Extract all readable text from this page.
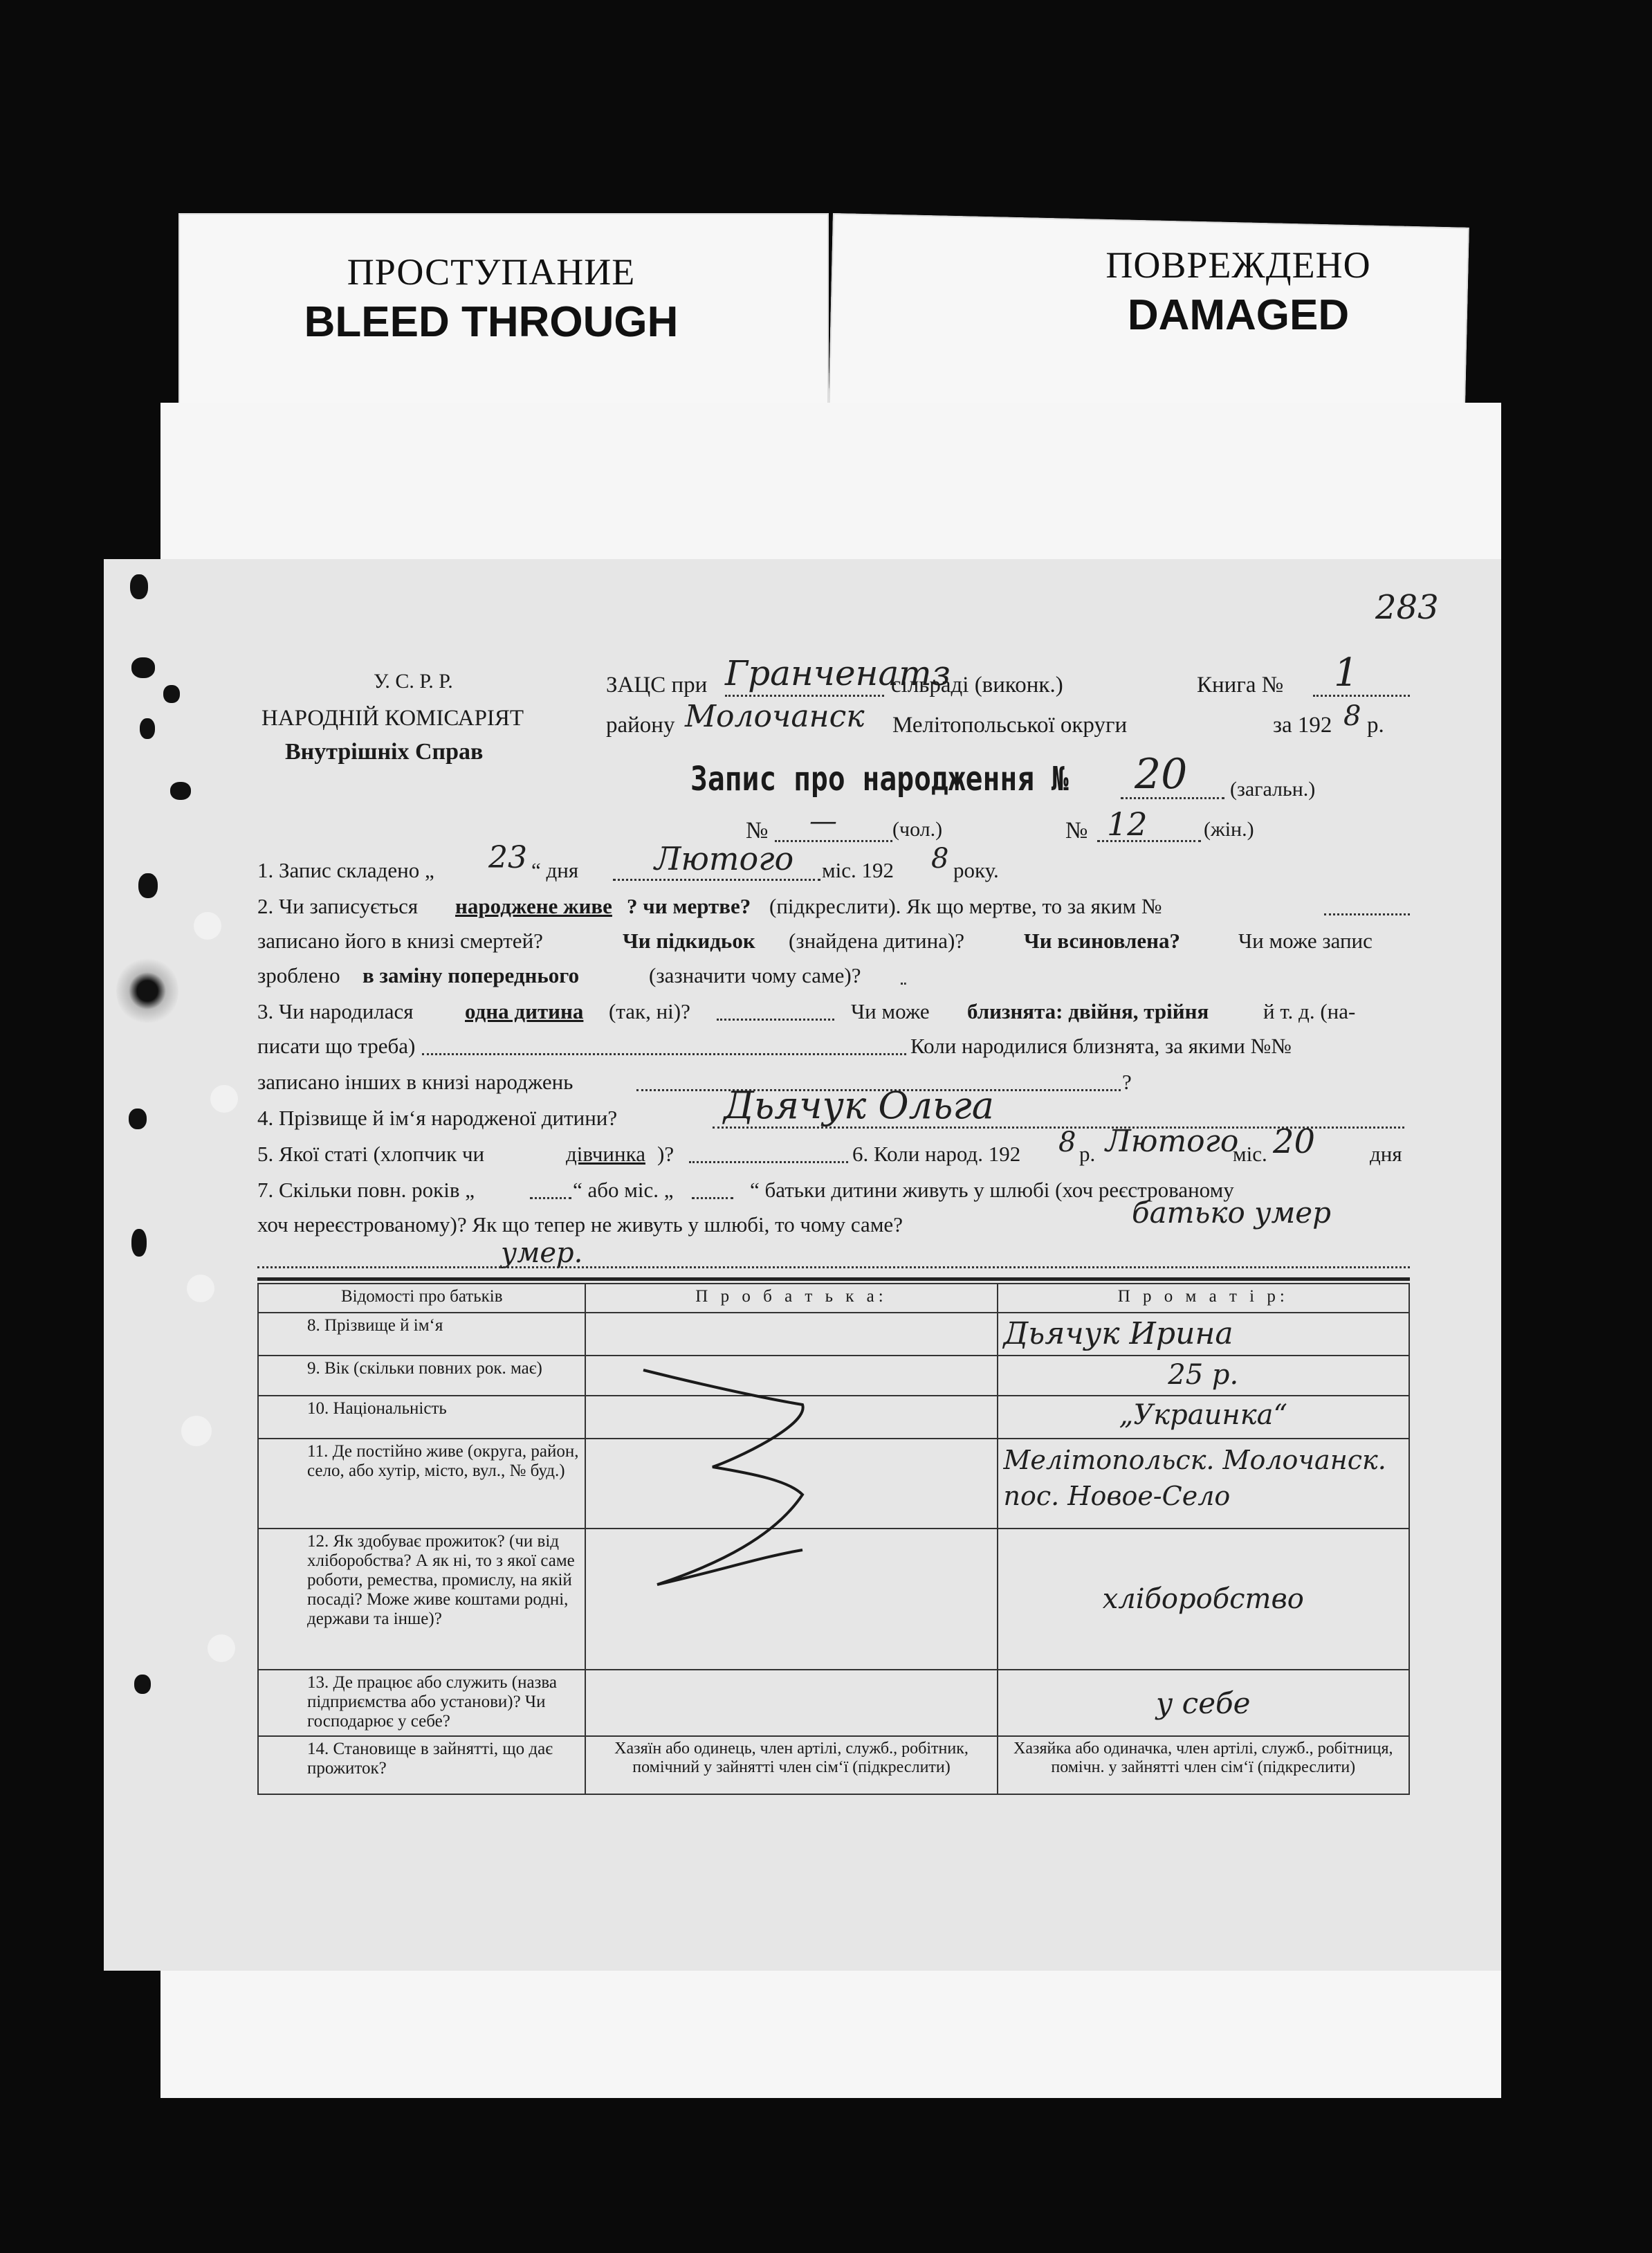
ПРОСТУПАНИЕ
BLEED THROUGH
ПОВРЕЖДЕНО
DAMAGED
283
У. С. Р. Р.
НАРОДНІЙ КОМІСАРІЯТ
Внутрішніх Справ
ЗАЦС при Гранченатз
сільраді (виконк.)	Книга № 1
району Молочанск Мелітопольської округи	за 192 8 р.
Запис про народження № 20 (загальн.)
№ —	(чол.)	№ 12	(жін.)
1. Запис складено „ 23 “ дня Лютого міс. 192 8 року.
2. Чи записується народжене живе ? чи мертве? (підкреслити). Як що мертве, то за яким №
записано його в книзі смертей?	Чи підкидьок (знайдена дитина)?	Чи всиновлена?	Чи може запис
зроблено в заміну попереднього	(зазначити чому саме)?
3. Чи народилася одна дитина (так, ні)?	Чи може близнята: двійня, трійня	й т. д. (на-
писати що треба)	Коли народилися близнята, за якими №№
записано інших в книзі народжень	?
4. Прізвище й ім‘я народженої дитини?	Дьячук Ольга
5. Якої статі (хлопчик чи	дівчинка )?	6. Коли народ. 192 8 р. Лютого
міс. 20	дня
7. Скільки повн. років „	“ або міс. „	“ батьки дитини живуть у шлюбі (хоч реєстрованому
хоч нереєстрованому)? Як що тепер не живуть у шлюбі, то чому саме?	батько умер
умер.
Відомості про батьків	П р о б а т ь к а:	П р о м а т і р:
8. Прізвище й ім‘я		Дьячук Ирина
9. Вік (скільки повних рок. має)		25 р.
10. Національність		„Украинка“
11. Де постійно живе (округа, район, село, або хутір, місто, вул., № буд.)		Мелітопольск. Молочанск. пос. Новое-Село
12. Як здобуває прожиток? (чи від хліборобства? А як ні, то з якої саме роботи, ремества, промислу, на якій посаді? Може живе коштами родні, держави та інше)?		хліборобство
13. Де працює або служить (назва підприємства або установи)? Чи господарює у себе?		у себе
14. Становище в зайнятті, що дає прожиток?	Хазяїн або одинець, член артілі, служб., робітник, помічний у зайнятті член сім‘ї (підкреслити)	Хазяйка або одиначка, член артілі, служб., робітниця, помічн. у зайнятті член сім‘ї (підкреслити)
